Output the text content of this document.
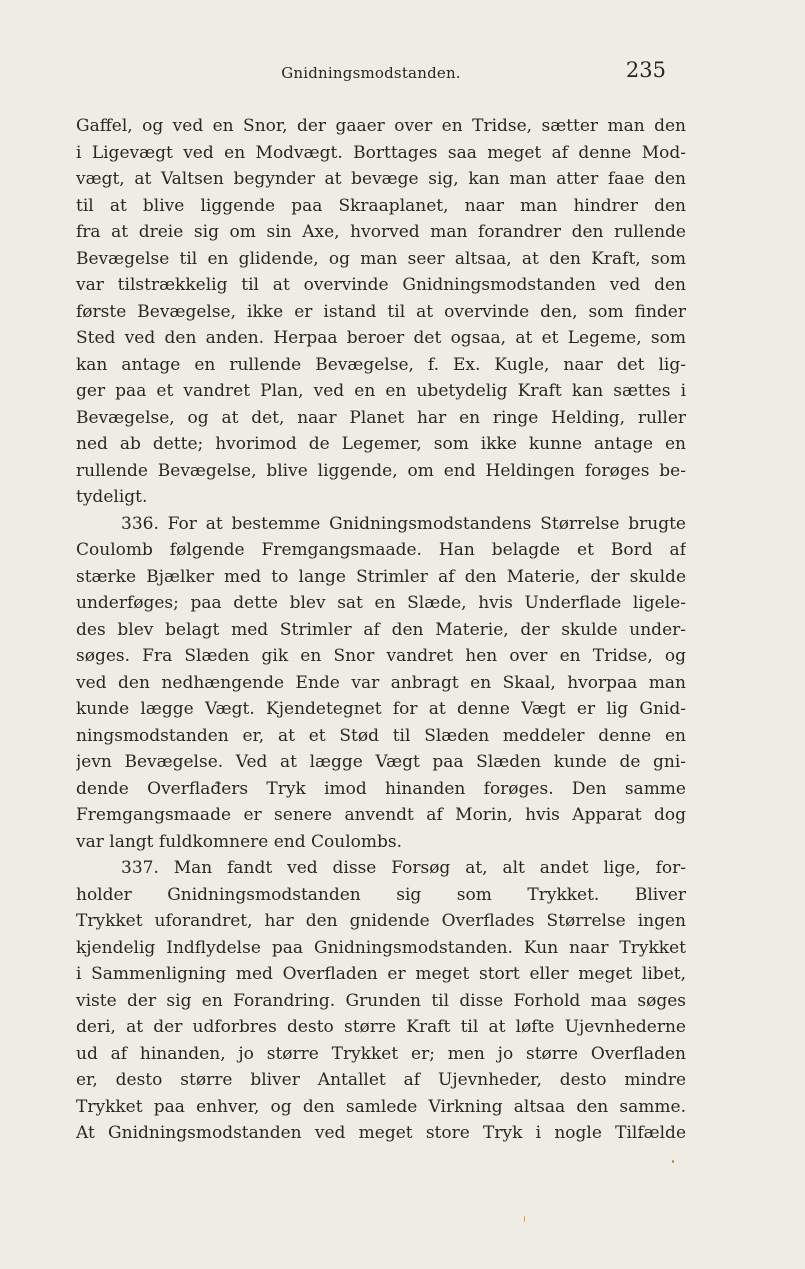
Gnidningsmodstanden.	235
Gaffel, og ved en Snor, der gaaer over en Tridse, sætter man den
i Ligevægt ved en Modvægt. Borttages saa meget af denne Mod-
vægt, at Valtsen begynder at bevæge sig, kan man atter faae den
til at blive liggende paa Skraaplanet, naar man hindrer den
fra at dreie sig om sin Axe, hvorved man forandrer den rullende
Bevægelse til en glidende, og man seer altsaa, at den Kraft, som
var tilstrækkelig til at overvinde Gnidningsmodstanden ved den
første Bevægelse, ikke er istand til at overvinde den, som finder
Sted ved den anden. Herpaa beroer det ogsaa, at et Legeme, som
kan antage en rullende Bevægelse, f. Ex. Kugle, naar det lig-
ger paa et vandret Plan, ved en en ubetydelig Kraft kan sættes i
Bevægelse, og at det, naar Planet har en ringe Helding, ruller
ned ab dette; hvorimod de Legemer, som ikke kunne antage en
rullende Bevægelse, blive liggende, om end Heldingen forøges be-
tydeligt.
336. For at bestemme Gnidningsmodstandens Størrelse brugte
Coulomb følgende Fremgangsmaade. Han belagde et Bord af
stærke Bjælker med to lange Strimler af den Materie, der skulde
underføges; paa dette blev sat en Slæde, hvis Underflade ligele-
des blev belagt med Strimler af den Materie, der skulde under-
søges. Fra Slæden gik en Snor vandret hen over en Tridse, og
ved den nedhængende Ende var anbragt en Skaal, hvorpaa man
kunde lægge Vægt. Kjendetegnet for at denne Vægt er lig Gnid-
ningsmodstanden er, at et Stød til Slæden meddeler denne en
jevn Bevægelse. Ved at lægge Vægt paa Slæden kunde de gni-
dende Overflađers Tryk imod hinanden forøges. Den samme
Fremgangsmaade er senere anvendt af Morin, hvis Apparat dog
var langt fuldkomnere end Coulombs.
337. Man fandt ved disse Forsøg at, alt andet lige, for-
holder Gnidningsmodstanden sig som Trykket. Bliver
Trykket uforandret, har den gnidende Overflades Størrelse ingen
kjendelig Indflydelse paa Gnidningsmodstanden. Kun naar Trykket
i Sammenligning med Overfladen er meget stort eller meget libet,
viste der sig en Forandring. Grunden til disse Forhold maa søges
deri, at der udforbres desto større Kraft til at løfte Ujevnhederne
ud af hinanden, jo større Trykket er; men jo større Overfladen
er, desto større bliver Antallet af Ujevnheder, desto mindre
Trykket paa enhver, og den samlede Virkning altsaa den samme.
At Gnidningsmodstanden ved meget store Tryk i nogle Tilfælde
